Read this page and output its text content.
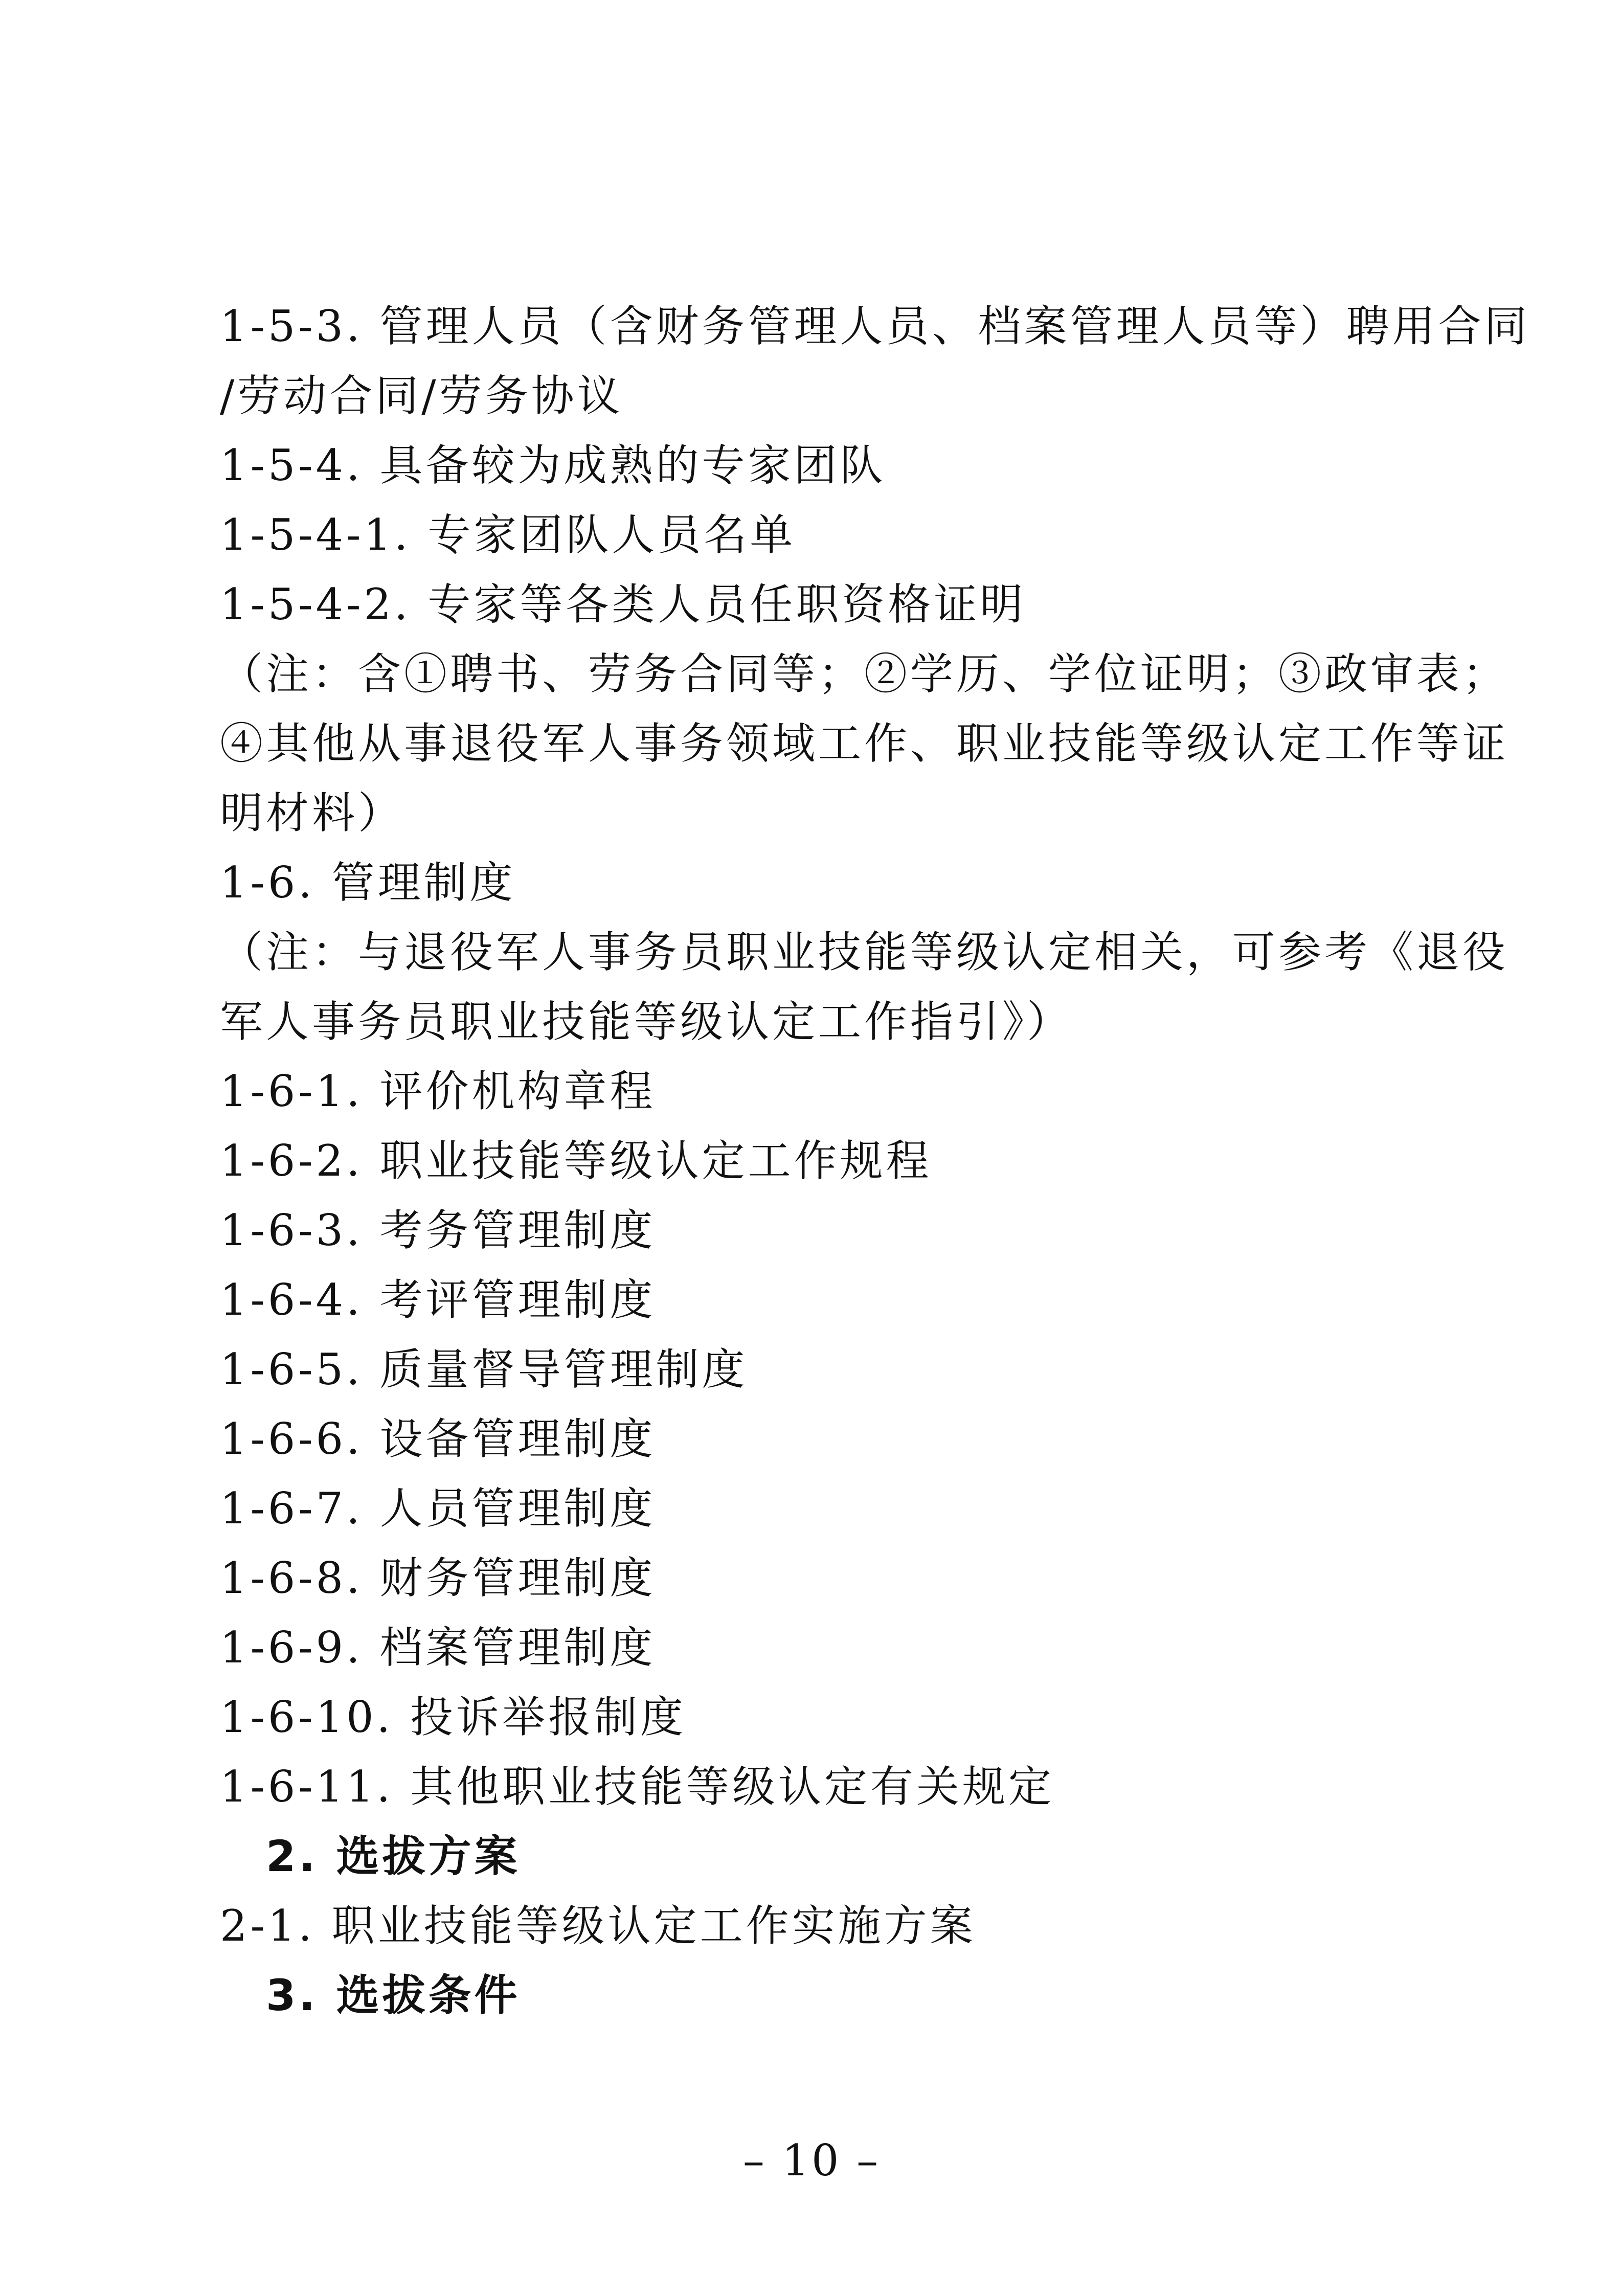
1-5-3. 管理人员（含财务管理人员、档案管理人员等）聘用合同
/劳动合同/劳务协议
1-5-4. 具备较为成熟的专家团队
1-5-4-1. 专家团队人员名单
1-5-4-2. 专家等各类人员任职资格证明
（注：含①聘书、劳务合同等；②学历、学位证明；③政审表；
④其他从事退役军人事务领域工作、职业技能等级认定工作等证
明材料）
1-6. 管理制度
（注：与退役军人事务员职业技能等级认定相关，可参考《退役
军人事务员职业技能等级认定工作指引》）
1-6-1. 评价机构章程
1-6-2. 职业技能等级认定工作规程
1-6-3. 考务管理制度
1-6-4. 考评管理制度
1-6-5. 质量督导管理制度
1-6-6. 设备管理制度
1-6-7. 人员管理制度
1-6-8. 财务管理制度
1-6-9. 档案管理制度
1-6-10. 投诉举报制度
1-6-11. 其他职业技能等级认定有关规定
2. 选拔方案
2-1. 职业技能等级认定工作实施方案
3. 选拔条件
– 10 –
